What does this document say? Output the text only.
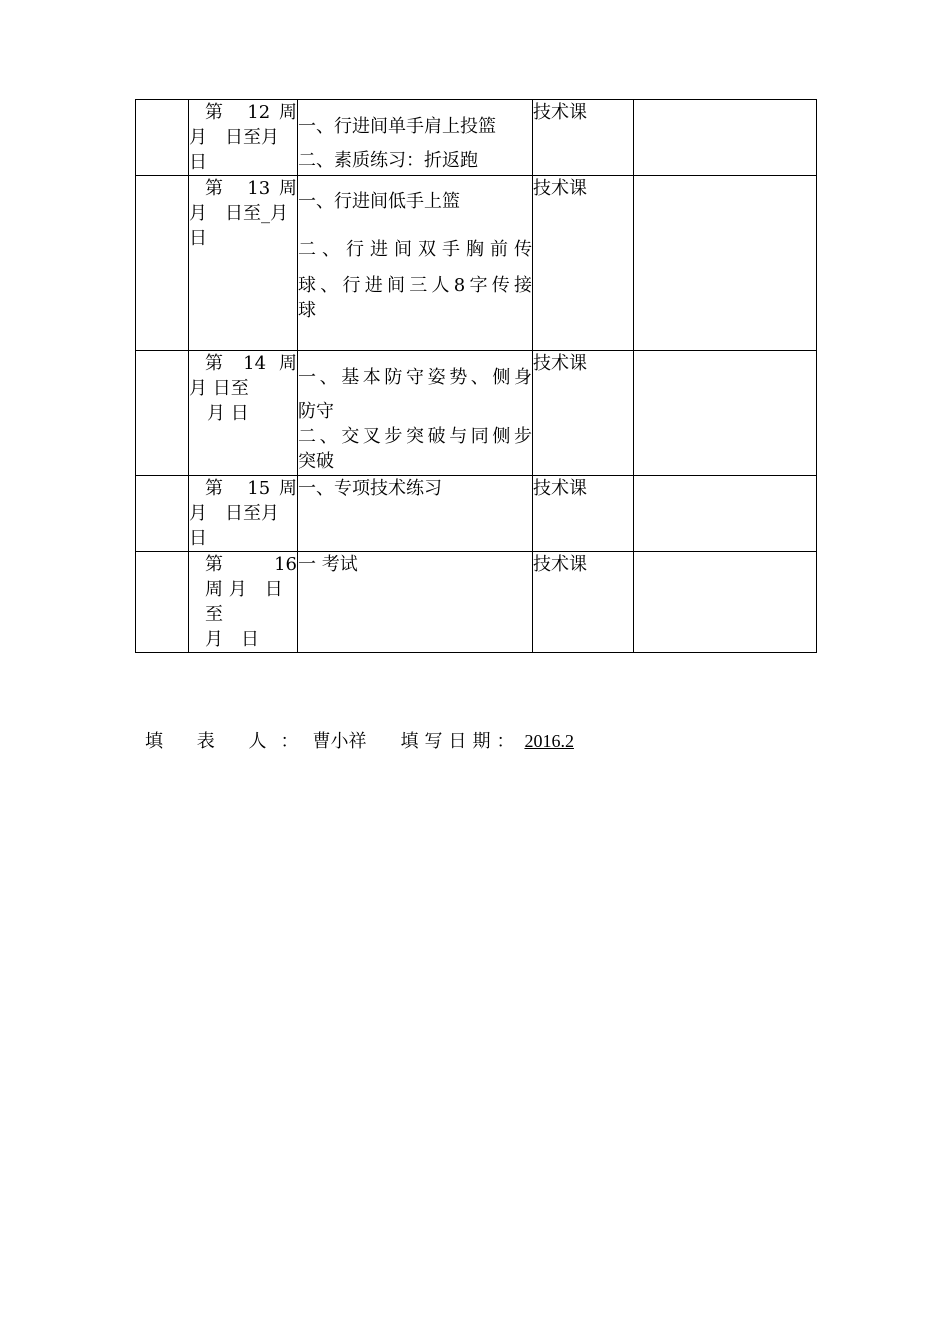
	第　12 周
月　日至月
日	一、行进间单手肩上投篮
二、素质练习：折返跑	技术课	

	第　13 周
月　日至_月
日	一、行进间低手上篮
二、行进间双手胸前传
球、行进间三人8字传接
球	技术课	

	第 14 周
月 日至
月 日	一、基本防守姿势、侧身
防守
二、交叉步突破与同侧步
突破	技术课	

	第　15 周
月　日至月
日	一、专项技术练习	技术课	

	第　　16
周 月　日
至
月　日	一 考试	技术课	
填 表 人：曹小祥 填写日期： 2016.2
